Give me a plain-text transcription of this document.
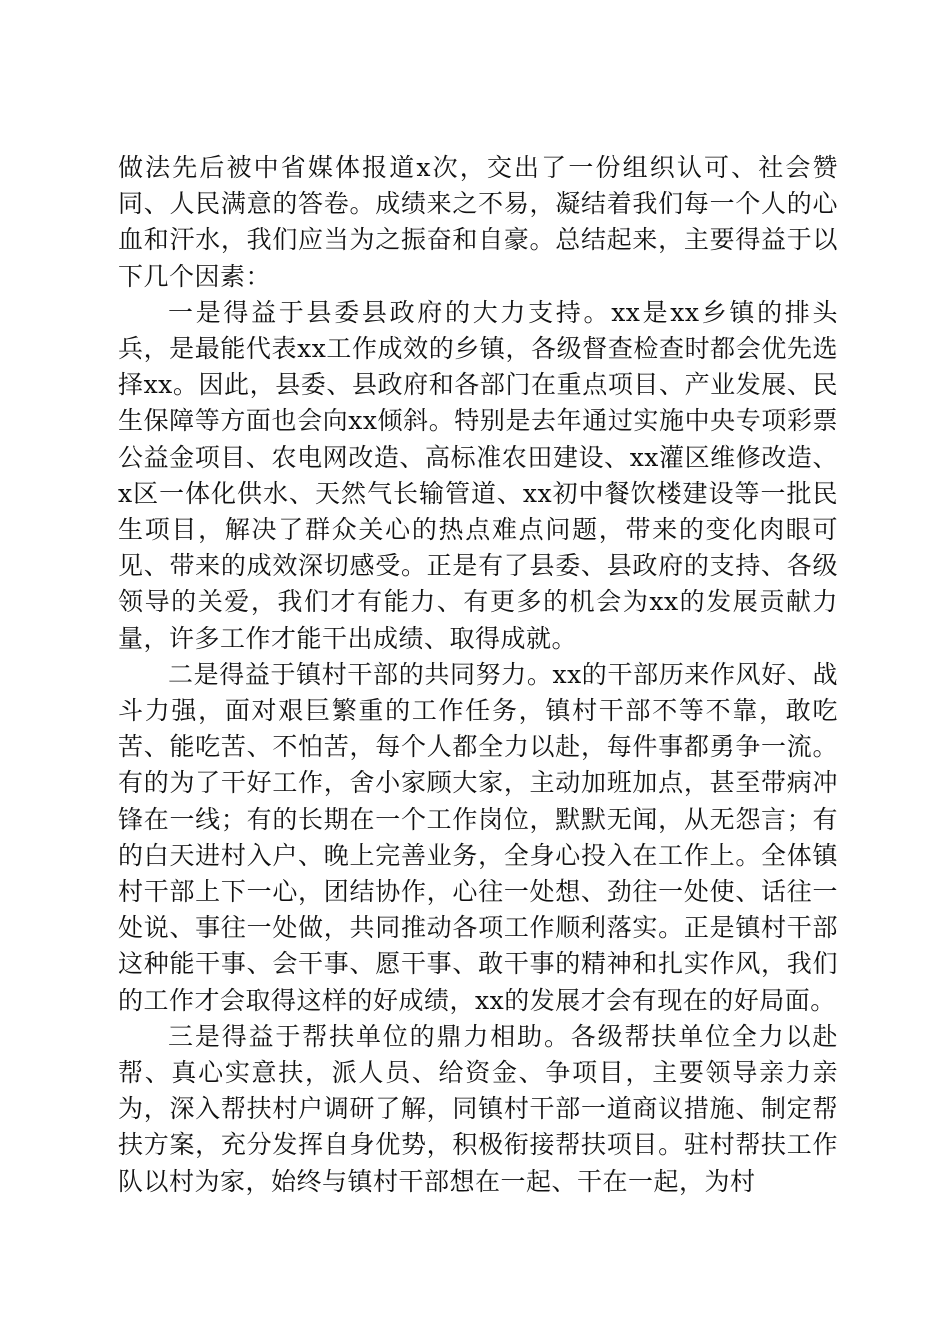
做法先后被中省媒体报道x次，交出了一份组织认可、社会赞同、人民满意的答卷。成绩来之不易，凝结着我们每一个人的心血和汗水，我们应当为之振奋和自豪。总结起来，主要得益于以下几个因素：

一是得益于县委县政府的大力支持。xx是xx乡镇的排头兵，是最能代表xx工作成效的乡镇，各级督查检查时都会优先选择xx。因此，县委、县政府和各部门在重点项目、产业发展、民生保障等方面也会向xx倾斜。特别是去年通过实施中央专项彩票公益金项目、农电网改造、高标准农田建设、xx灌区维修改造、x区一体化供水、天然气长输管道、xx初中餐饮楼建设等一批民生项目，解决了群众关心的热点难点问题，带来的变化肉眼可见、带来的成效深切感受。正是有了县委、县政府的支持、各级领导的关爱，我们才有能力、有更多的机会为xx的发展贡献力量，许多工作才能干出成绩、取得成就。

二是得益于镇村干部的共同努力。xx的干部历来作风好、战斗力强，面对艰巨繁重的工作任务，镇村干部不等不靠，敢吃苦、能吃苦、不怕苦，每个人都全力以赴，每件事都勇争一流。有的为了干好工作，舍小家顾大家，主动加班加点，甚至带病冲锋在一线；有的长期在一个工作岗位，默默无闻，从无怨言；有的白天进村入户、晚上完善业务，全身心投入在工作上。全体镇村干部上下一心，团结协作，心往一处想、劲往一处使、话往一处说、事往一处做，共同推动各项工作顺利落实。正是镇村干部这种能干事、会干事、愿干事、敢干事的精神和扎实作风，我们的工作才会取得这样的好成绩，xx的发展才会有现在的好局面。

三是得益于帮扶单位的鼎力相助。各级帮扶单位全力以赴帮、真心实意扶，派人员、给资金、争项目，主要领导亲力亲为，深入帮扶村户调研了解，同镇村干部一道商议措施、制定帮扶方案，充分发挥自身优势，积极衔接帮扶项目。驻村帮扶工作队以村为家，始终与镇村干部想在一起、干在一起，为村
